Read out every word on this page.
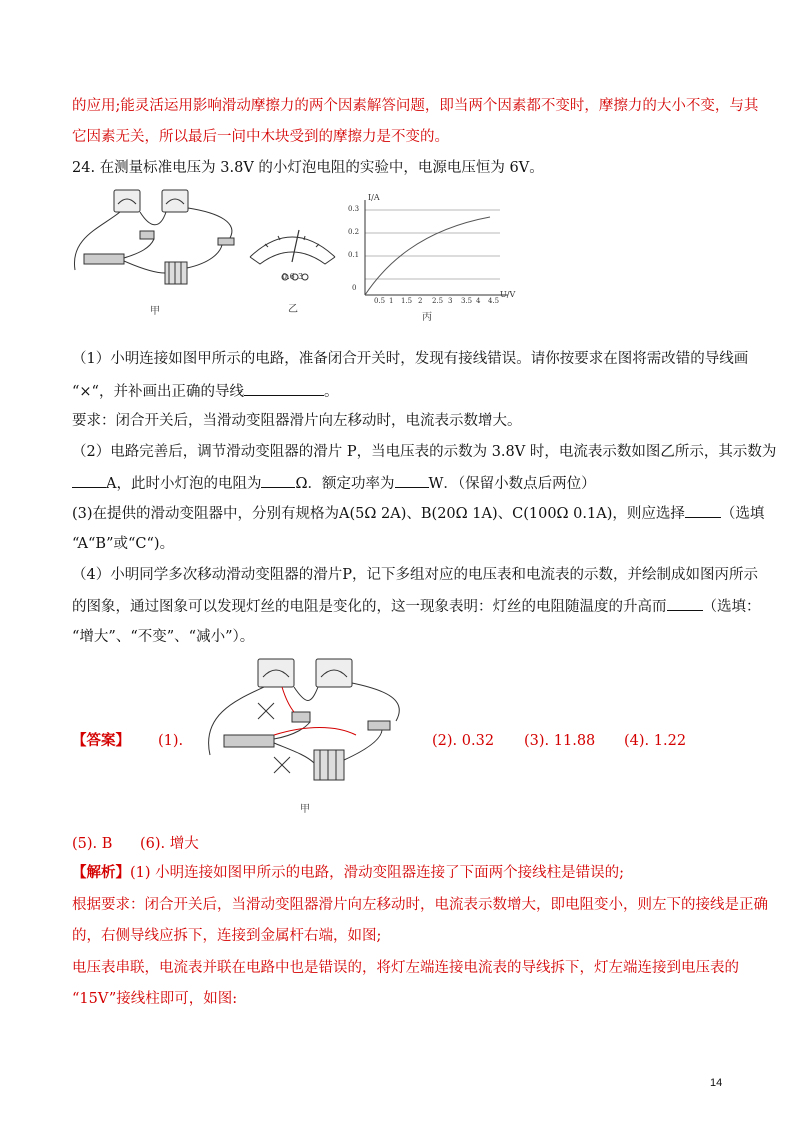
的应用;能灵活运用影响滑动摩擦力的两个因素解答问题，即当两个因素都不变时，摩擦力的大小不变，与其
它因素无关，所以最后一问中木块受到的摩擦力是不变的。
24. 在测量标准电压为 3.8V 的小灯泡电阻的实验中，电源电压恒为 6V。
甲
0.6 3
乙
I/A
U/V
0.3
0.2
0.1
0
0.5 1 1.5 2 2.5 3 3.5 4 4.5
丙
（1）小明连接如图甲所示的电路，准备闭合开关时，发现有接线错误。请你按要求在图将需改错的导线画
“×“，并补画出正确的导线	。
要求：闭合开关后，当滑动变阻器滑片向左移动时，电流表示数增大。
（2）电路完善后，调节滑动变阻器的滑片 P，当电压表的示数为 3.8V 时，电流表示数如图乙所示，其示数为
A，此时小灯泡的电阻为 Ω．额定功率为 W．（保留小数点后两位）
(3)在提供的滑动变阻器中，分别有规格为A(5Ω 2A)、B(20Ω 1A)、C(100Ω 0.1A)，则应选择 （选填
“A“B”或“C“)。
（4）小明同学多次移动滑动变阻器的滑片P，记下多组对应的电压表和电流表的示数，并绘制成如图丙所示
的图象，通过图象可以发现灯丝的电阻是变化的，这一现象表明：灯丝的电阻随温度的升高而 （选填：
“增大”、“不变”、“减小”）。
【答案】 (1).
甲
(2). 0.32 (3). 11.88 (4). 1.22
(5). B (6). 增大
【解析】(1) 小明连接如图甲所示的电路，滑动变阻器连接了下面两个接线柱是错误的;
根据要求：闭合开关后，当滑动变阻器滑片向左移动时，电流表示数增大，即电阻变小，则左下的接线是正确
的，右侧导线应拆下，连接到金属杆右端，如图;
电压表串联，电流表并联在电路中也是错误的，将灯左端连接电流表的导线拆下，灯左端连接到电压表的
“15V”接线柱即可，如图:
14
